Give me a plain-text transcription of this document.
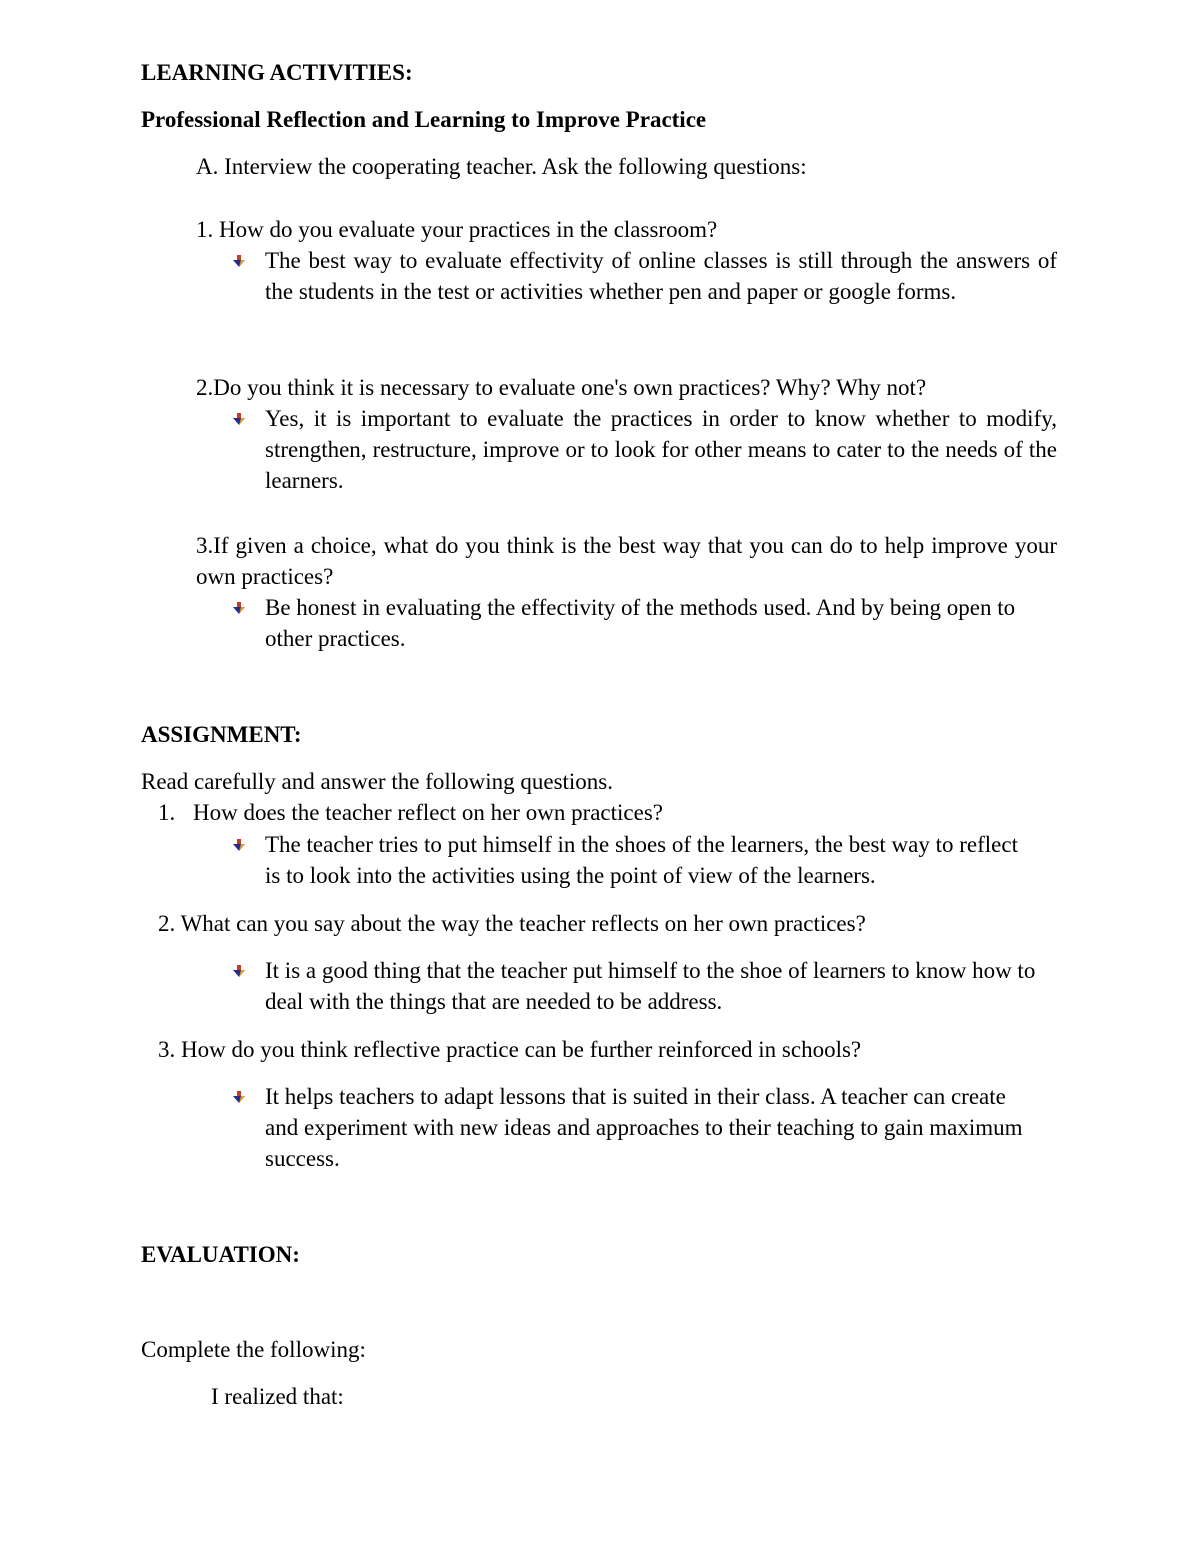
LEARNING ACTIVITIES:
Professional Reflection and Learning to Improve Practice
A. Interview the cooperating teacher. Ask the following questions:
1. How do you evaluate your practices in the classroom?
The best way to evaluate effectivity of online classes is still through the answers of the students in the test or activities whether pen and paper or google forms.
2.Do you think it is necessary to evaluate one's own practices? Why? Why not?
Yes, it is important to evaluate the practices in order to know whether to modify, strengthen, restructure, improve or to look for other means to cater to the needs of the learners.
3.If given a choice, what do you think is the best way that you can do to help improve your own practices?
Be honest in evaluating the effectivity of the methods used. And by being open to other practices.
ASSIGNMENT:
Read carefully and answer the following questions.
1. How does the teacher reflect on her own practices?
The teacher tries to put himself in the shoes of the learners, the best way to reflect is to look into the activities using the point of view of the learners.
2. What can you say about the way the teacher reflects on her own practices?
It is a good thing that the teacher put himself to the shoe of learners to know how to deal with the things that are needed to be address.
3. How do you think reflective practice can be further reinforced in schools?
It helps teachers to adapt lessons that is suited in their class. A teacher can create and experiment with new ideas and approaches to their teaching to gain maximum success.
EVALUATION:
Complete the following:
I realized that:
